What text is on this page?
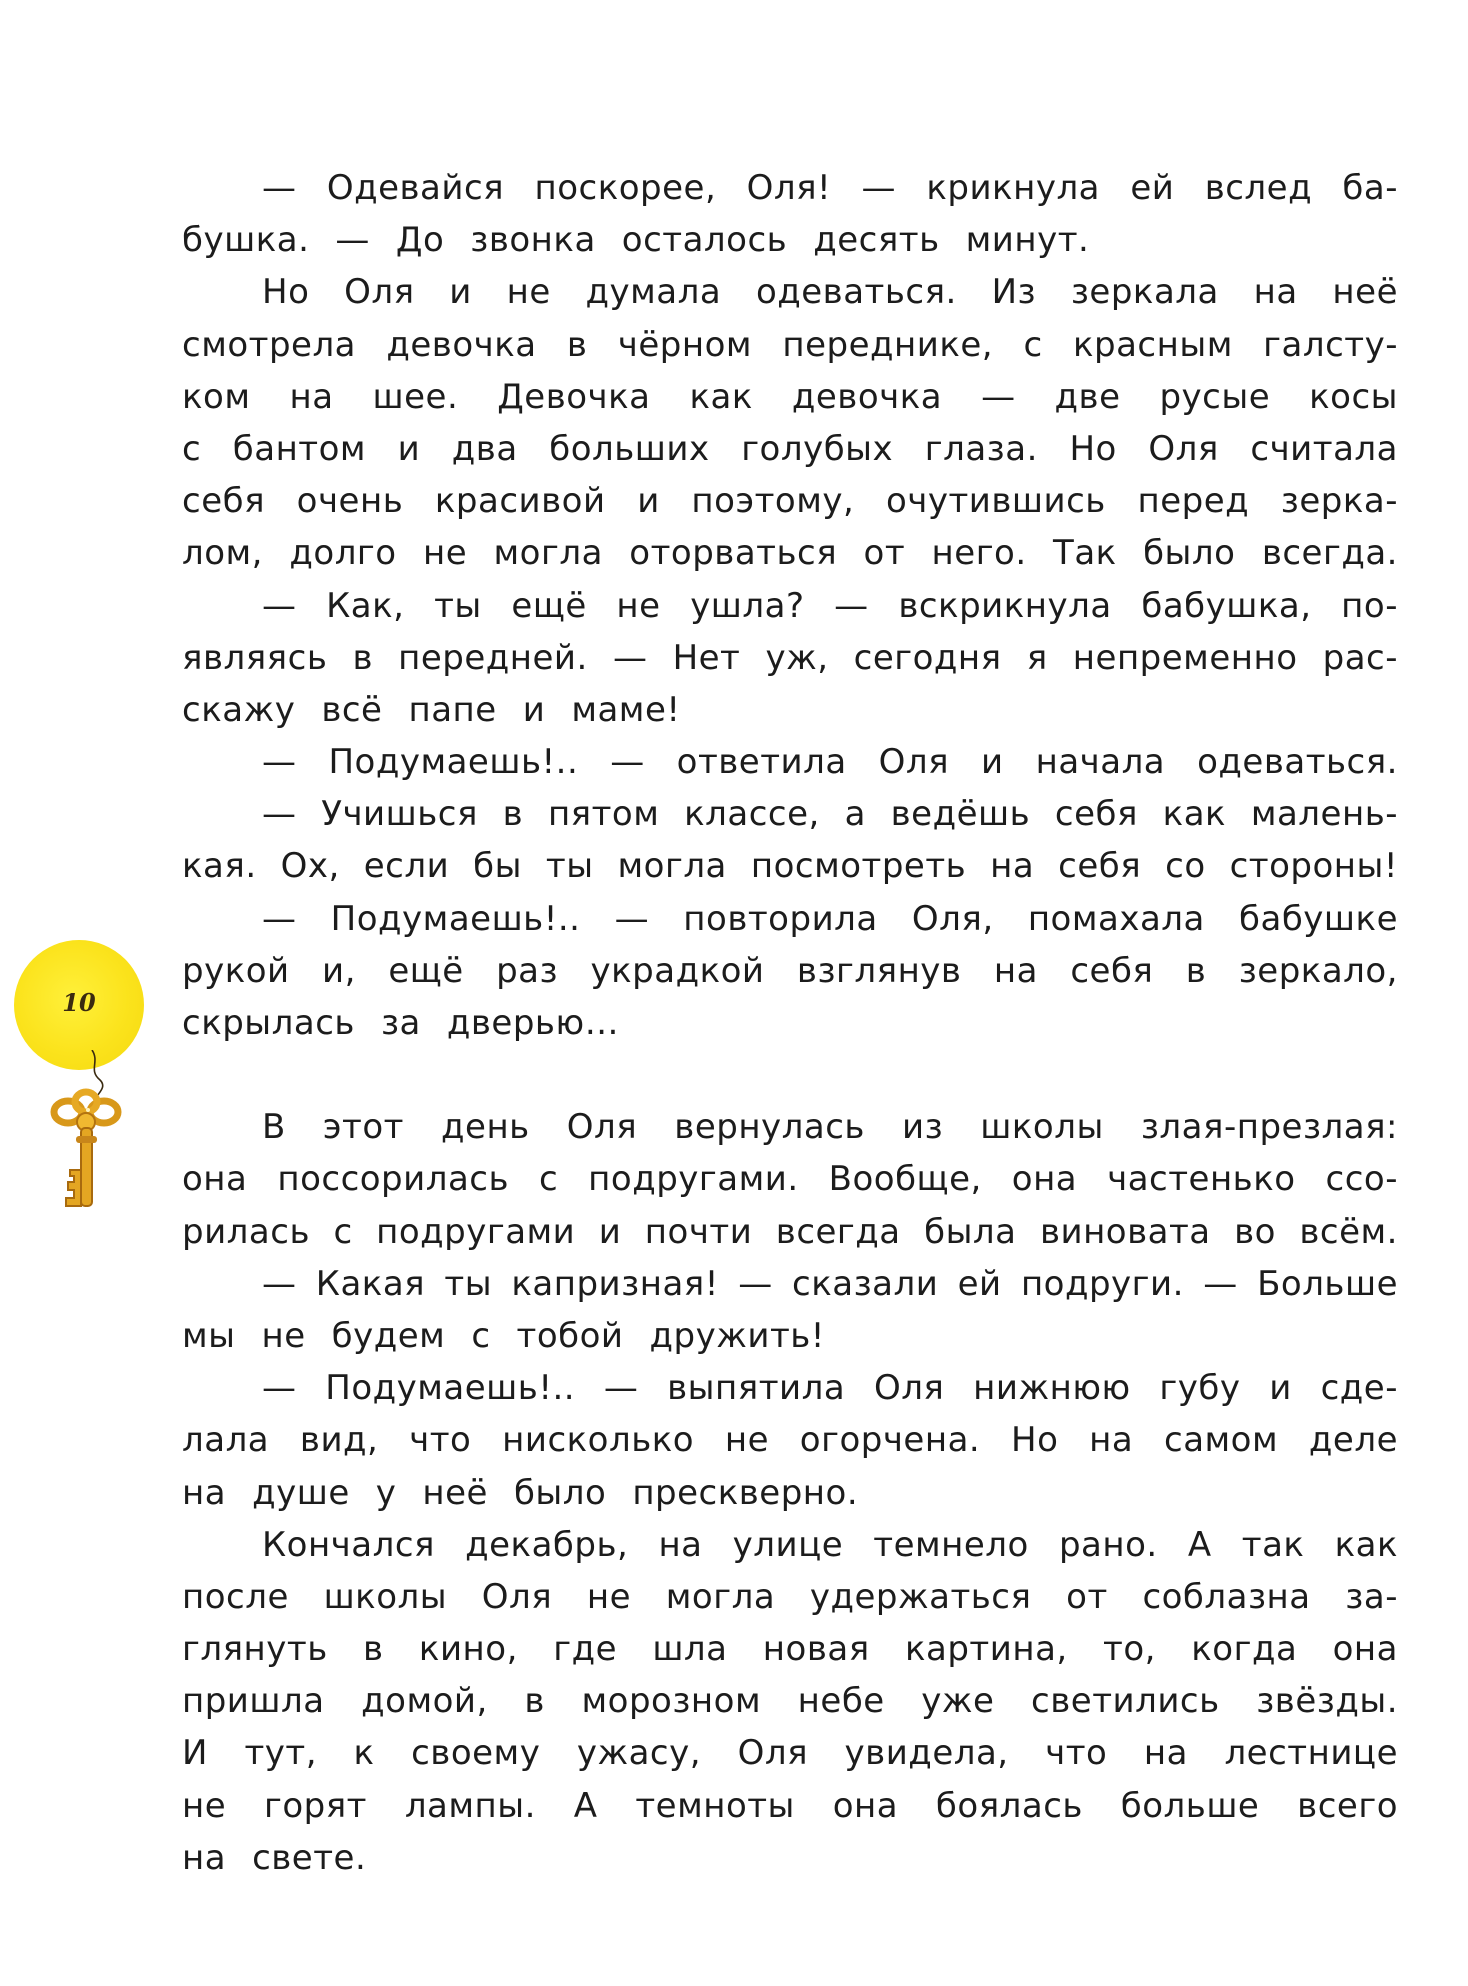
10
— Одевайся поскорее, Оля! — крикнула ей вслед ба-
бушка. — До звонка осталось десять минут.
Но Оля и не думала одеваться. Из зеркала на неё
смотрела девочка в чёрном переднике, с красным галсту-
ком на шее. Девочка как девочка — две русые косы
с бантом и два больших голубых глаза. Но Оля считала
себя очень красивой и поэтому, очутившись перед зерка-
лом, долго не могла оторваться от него. Так было всегда.
— Как, ты ещё не ушла? — вскрикнула бабушка, по-
являясь в передней. — Нет уж, сегодня я непременно рас-
скажу всё папе и маме!
— Подумаешь!.. — ответила Оля и начала одеваться.
— Учишься в пятом классе, а ведёшь себя как малень-
кая. Ох, если бы ты могла посмотреть на себя со стороны!
— Подумаешь!.. — повторила Оля, помахала бабушке
рукой и, ещё раз украдкой взглянув на себя в зеркало,
скрылась за дверью…
В этот день Оля вернулась из школы злая-презлая:
она поссорилась с подругами. Вообще, она частенько ссо-
рилась с подругами и почти всегда была виновата во всём.
— Какая ты капризная! — сказали ей подруги. — Больше
мы не будем с тобой дружить!
— Подумаешь!.. — выпятила Оля нижнюю губу и сде-
лала вид, что нисколько не огорчена. Но на самом деле
на душе у неё было прескверно.
Кончался декабрь, на улице темнело рано. А так как
после школы Оля не могла удержаться от соблазна за-
глянуть в кино, где шла новая картина, то, когда она
пришла домой, в морозном небе уже светились звёзды.
И тут, к своему ужасу, Оля увидела, что на лестнице
не горят лампы. А темноты она боялась больше всего
на свете.
